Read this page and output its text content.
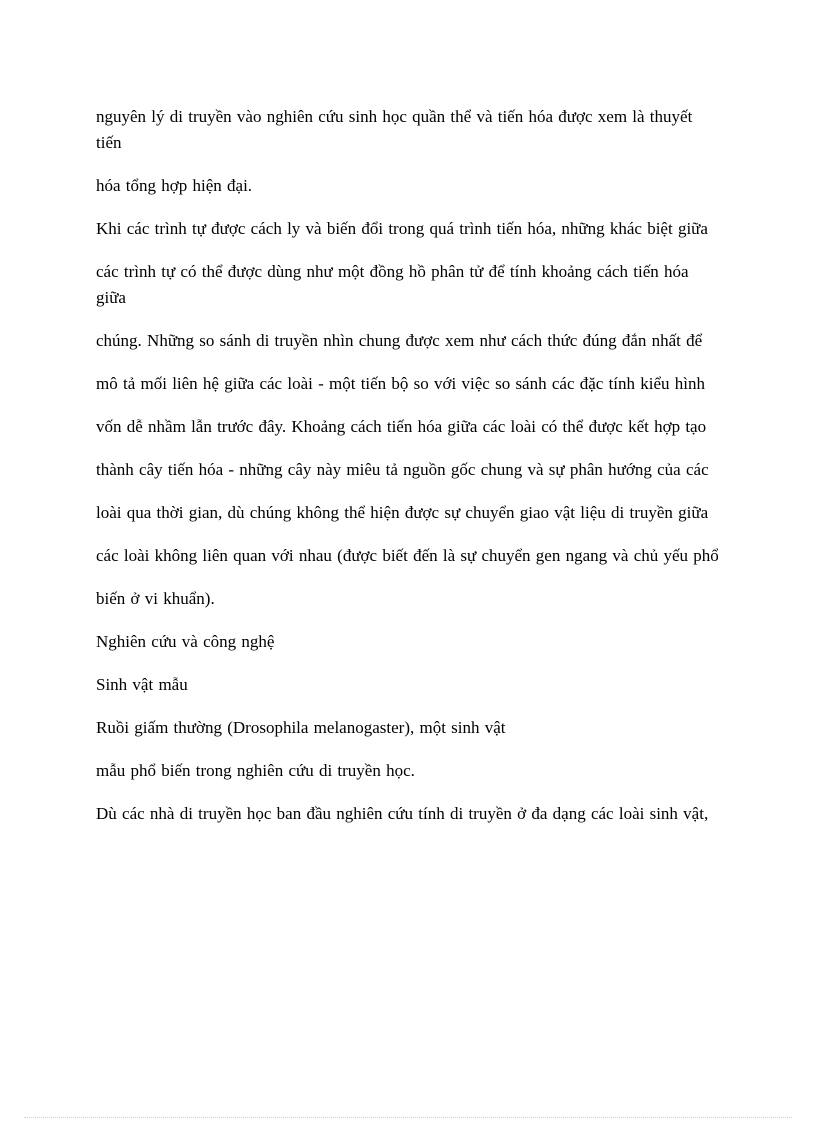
nguyên lý di truyền vào nghiên cứu sinh học quần thể và tiến hóa được xem là thuyết tiến

hóa tổng hợp hiện đại.

Khi các trình tự được cách ly và biến đổi trong quá trình tiến hóa, những khác biệt giữa

các trình tự có thể được dùng như một đồng hồ phân tử để tính khoảng cách tiến hóa giữa

chúng. Những so sánh di truyền nhìn chung được xem như cách thức đúng đắn nhất để

mô tả mối liên hệ giữa các loài - một tiến bộ so với việc so sánh các đặc tính kiểu hình

vốn dễ nhầm lẫn trước đây. Khoảng cách tiến hóa giữa các loài có thể được kết hợp tạo

thành cây tiến hóa - những cây này miêu tả nguồn gốc chung và sự phân hướng của các

loài qua thời gian, dù chúng không thể hiện được sự chuyển giao vật liệu di truyền giữa

các loài không liên quan với nhau (được biết đến là sự chuyển gen ngang và chủ yếu phổ

biến ở vi khuẩn).

Nghiên cứu và công nghệ

Sinh vật mẫu

Ruồi giấm thường (Drosophila melanogaster), một sinh vật

mẫu phổ biến trong nghiên cứu di truyền học.

Dù các nhà di truyền học ban đầu nghiên cứu tính di truyền ở đa dạng các loài sinh vật,
